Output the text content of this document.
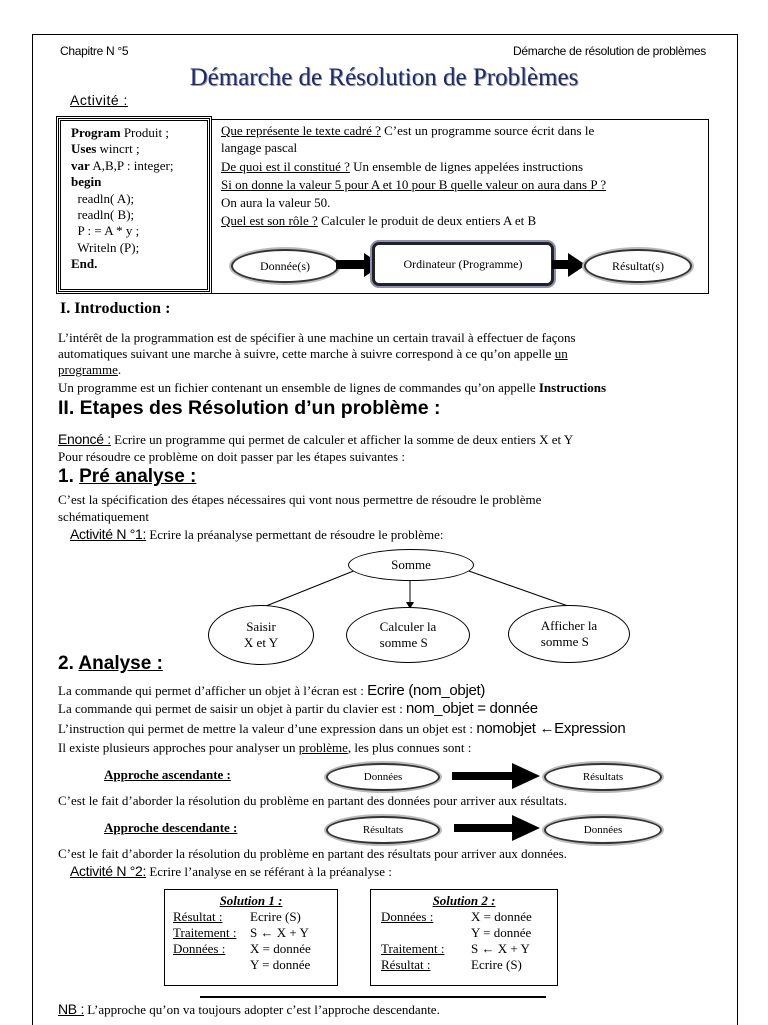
Chapitre N °5	Démarche de résolution de problèmes
Démarche de Résolution de Problèmes
Activité :
Program Produit ;
Uses wincrt ;
var A,B,P : integer;
begin
readln( A);
readln( B);
P : = A * y ;
Writeln (P);
End.
Que représente le texte cadré ? C’est un programme source écrit dans le
langage pascal
De quoi est il constitué ? Un ensemble de lignes appelées instructions
Si on donne la valeur 5 pour A et 10 pour B quelle valeur on aura dans P ?
On aura la valeur 50.
Quel est son rôle ? Calculer le produit de deux entiers A et B
Donnée(s)	Ordinateur (Programme)	Résultat(s)
I. Introduction :
L’intérêt de la programmation est de spécifier à une machine un certain travail à effectuer de façons
automatiques suivant une marche à suivre, cette marche à suivre correspond à ce qu’on appelle un
programme.
Un programme est un fichier contenant un ensemble de lignes de commandes qu’on appelle Instructions
II. Etapes des Résolution d’un problème :
Enoncé : Ecrire un programme qui permet de calculer et afficher la somme de deux entiers X et Y
Pour résoudre ce problème on doit passer par les étapes suivantes :
1. Pré analyse :
C’est la spécification des étapes nécessaires qui vont nous permettre de résoudre le problème
schématiquement
Activité N °1: Ecrire la préanalyse permettant de résoudre le problème:
Somme
Saisir
X et Y
Calculer la
somme S
Afficher la
somme S
2. Analyse :
La commande qui permet d’afficher un objet à l’écran est : Ecrire (nom_objet)
La commande qui permet de saisir un objet à partir du clavier est : nom_objet = donnée
L’instruction qui permet de mettre la valeur d’une expression dans un objet est : nomobjet ←Expression
Il existe plusieurs approches pour analyser un problème, les plus connues sont :
Approche ascendante :	Données	Résultats
C’est le fait d’aborder la résolution du problème en partant des données pour arriver aux résultats.
Approche descendante :	Résultats	Données
C’est le fait d’aborder la résolution du problème en partant des résultats pour arriver aux données.
Activité N °2: Ecrire l’analyse en se référant à la préanalyse :
Solution 1 :
Résultat :	Ecrire (S)
Traitement :	S ← X + Y
Données :	X = donnée
Y = donnée
Solution 2 :
Données :	X = donnée
Y = donnée
Traitement :	S ← X + Y
Résultat :	Ecrire (S)
NB : L’approche qu’on va toujours adopter c’est l’approche descendante.
